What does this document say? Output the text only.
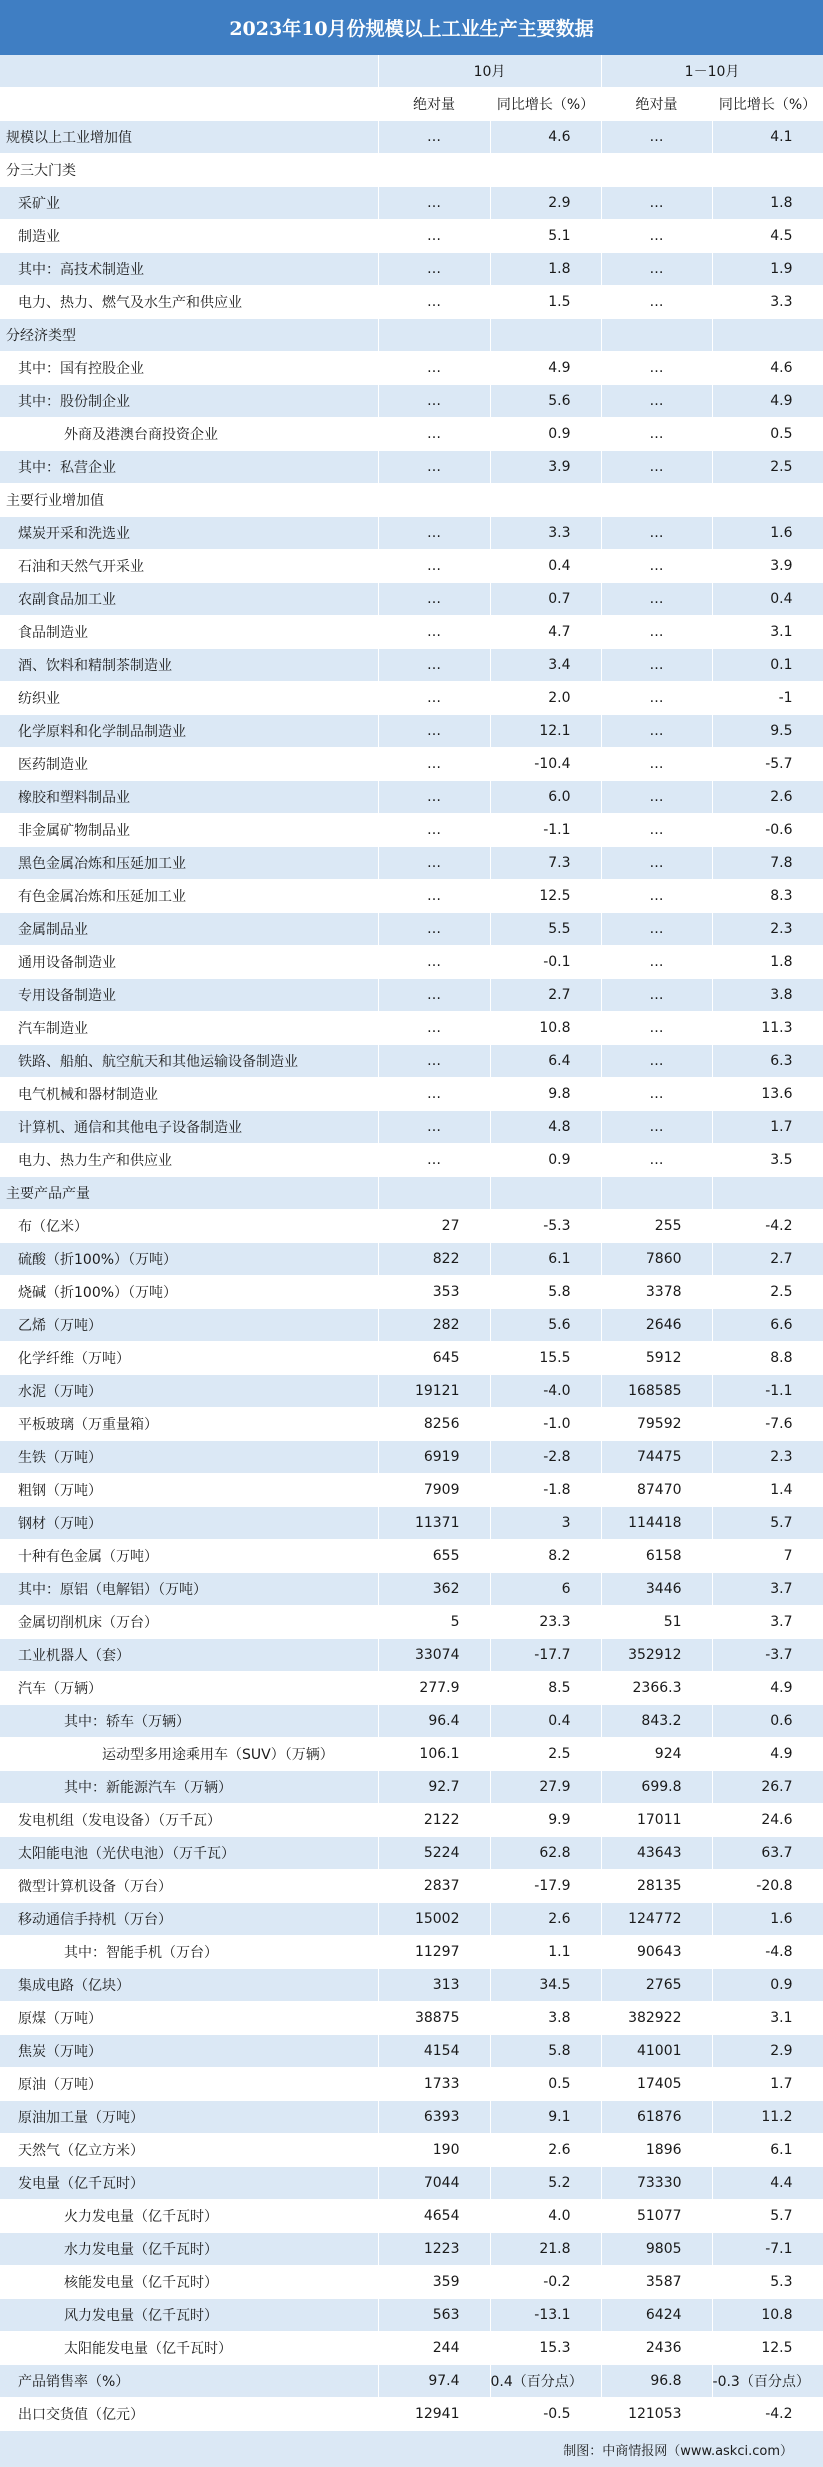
2023年10月份规模以上工业生产主要数据
	10月		1－10月	
	绝对量	同比增长（%）	绝对量	同比增长（%）
规模以上工业增加值	…	4.6	…	4.1
分三大门类				
采矿业	…	2.9	…	1.8
制造业	…	5.1	…	4.5
其中：高技术制造业	…	1.8	…	1.9
电力、热力、燃气及水生产和供应业	…	1.5	…	3.3
分经济类型				
其中：国有控股企业	…	4.9	…	4.6
其中：股份制企业	…	5.6	…	4.9
外商及港澳台商投资企业	…	0.9	…	0.5
其中：私营企业	…	3.9	…	2.5
主要行业增加值				
煤炭开采和洗选业	…	3.3	…	1.6
石油和天然气开采业	…	0.4	…	3.9
农副食品加工业	…	0.7	…	0.4
食品制造业	…	4.7	…	3.1
酒、饮料和精制茶制造业	…	3.4	…	0.1
纺织业	…	2.0	…	-1
化学原料和化学制品制造业	…	12.1	…	9.5
医药制造业	…	-10.4	…	-5.7
橡胶和塑料制品业	…	6.0	…	2.6
非金属矿物制品业	…	-1.1	…	-0.6
黑色金属冶炼和压延加工业	…	7.3	…	7.8
有色金属冶炼和压延加工业	…	12.5	…	8.3
金属制品业	…	5.5	…	2.3
通用设备制造业	…	-0.1	…	1.8
专用设备制造业	…	2.7	…	3.8
汽车制造业	…	10.8	…	11.3
铁路、船舶、航空航天和其他运输设备制造业	…	6.4	…	6.3
电气机械和器材制造业	…	9.8	…	13.6
计算机、通信和其他电子设备制造业	…	4.8	…	1.7
电力、热力生产和供应业	…	0.9	…	3.5
主要产品产量				
布（亿米）	27	-5.3	255	-4.2
硫酸（折100%）（万吨）	822	6.1	7860	2.7
烧碱（折100%）（万吨）	353	5.8	3378	2.5
乙烯（万吨）	282	5.6	2646	6.6
化学纤维（万吨）	645	15.5	5912	8.8
水泥（万吨）	19121	-4.0	168585	-1.1
平板玻璃（万重量箱）	8256	-1.0	79592	-7.6
生铁（万吨）	6919	-2.8	74475	2.3
粗钢（万吨）	7909	-1.8	87470	1.4
钢材（万吨）	11371	3	114418	5.7
十种有色金属（万吨）	655	8.2	6158	7
其中：原铝（电解铝）（万吨）	362	6	3446	3.7
金属切削机床（万台）	5	23.3	51	3.7
工业机器人（套）	33074	-17.7	352912	-3.7
汽车（万辆）	277.9	8.5	2366.3	4.9
其中：轿车（万辆）	96.4	0.4	843.2	0.6
运动型多用途乘用车（SUV）（万辆）	106.1	2.5	924	4.9
其中：新能源汽车（万辆）	92.7	27.9	699.8	26.7
发电机组（发电设备）（万千瓦）	2122	9.9	17011	24.6
太阳能电池（光伏电池）（万千瓦）	5224	62.8	43643	63.7
微型计算机设备（万台）	2837	-17.9	28135	-20.8
移动通信手持机（万台）	15002	2.6	124772	1.6
其中：智能手机（万台）	11297	1.1	90643	-4.8
集成电路（亿块）	313	34.5	2765	0.9
原煤（万吨）	38875	3.8	382922	3.1
焦炭（万吨）	4154	5.8	41001	2.9
原油（万吨）	1733	0.5	17405	1.7
原油加工量（万吨）	6393	9.1	61876	11.2
天然气（亿立方米）	190	2.6	1896	6.1
发电量（亿千瓦时）	7044	5.2	73330	4.4
火力发电量（亿千瓦时）	4654	4.0	51077	5.7
水力发电量（亿千瓦时）	1223	21.8	9805	-7.1
核能发电量（亿千瓦时）	359	-0.2	3587	5.3
风力发电量（亿千瓦时）	563	-13.1	6424	10.8
太阳能发电量（亿千瓦时）	244	15.3	2436	12.5
产品销售率（%）	97.4	0.4（百分点）	96.8	-0.3（百分点）
出口交货值（亿元）	12941	-0.5	121053	-4.2
制图：中商情报网（www.askci.com）
